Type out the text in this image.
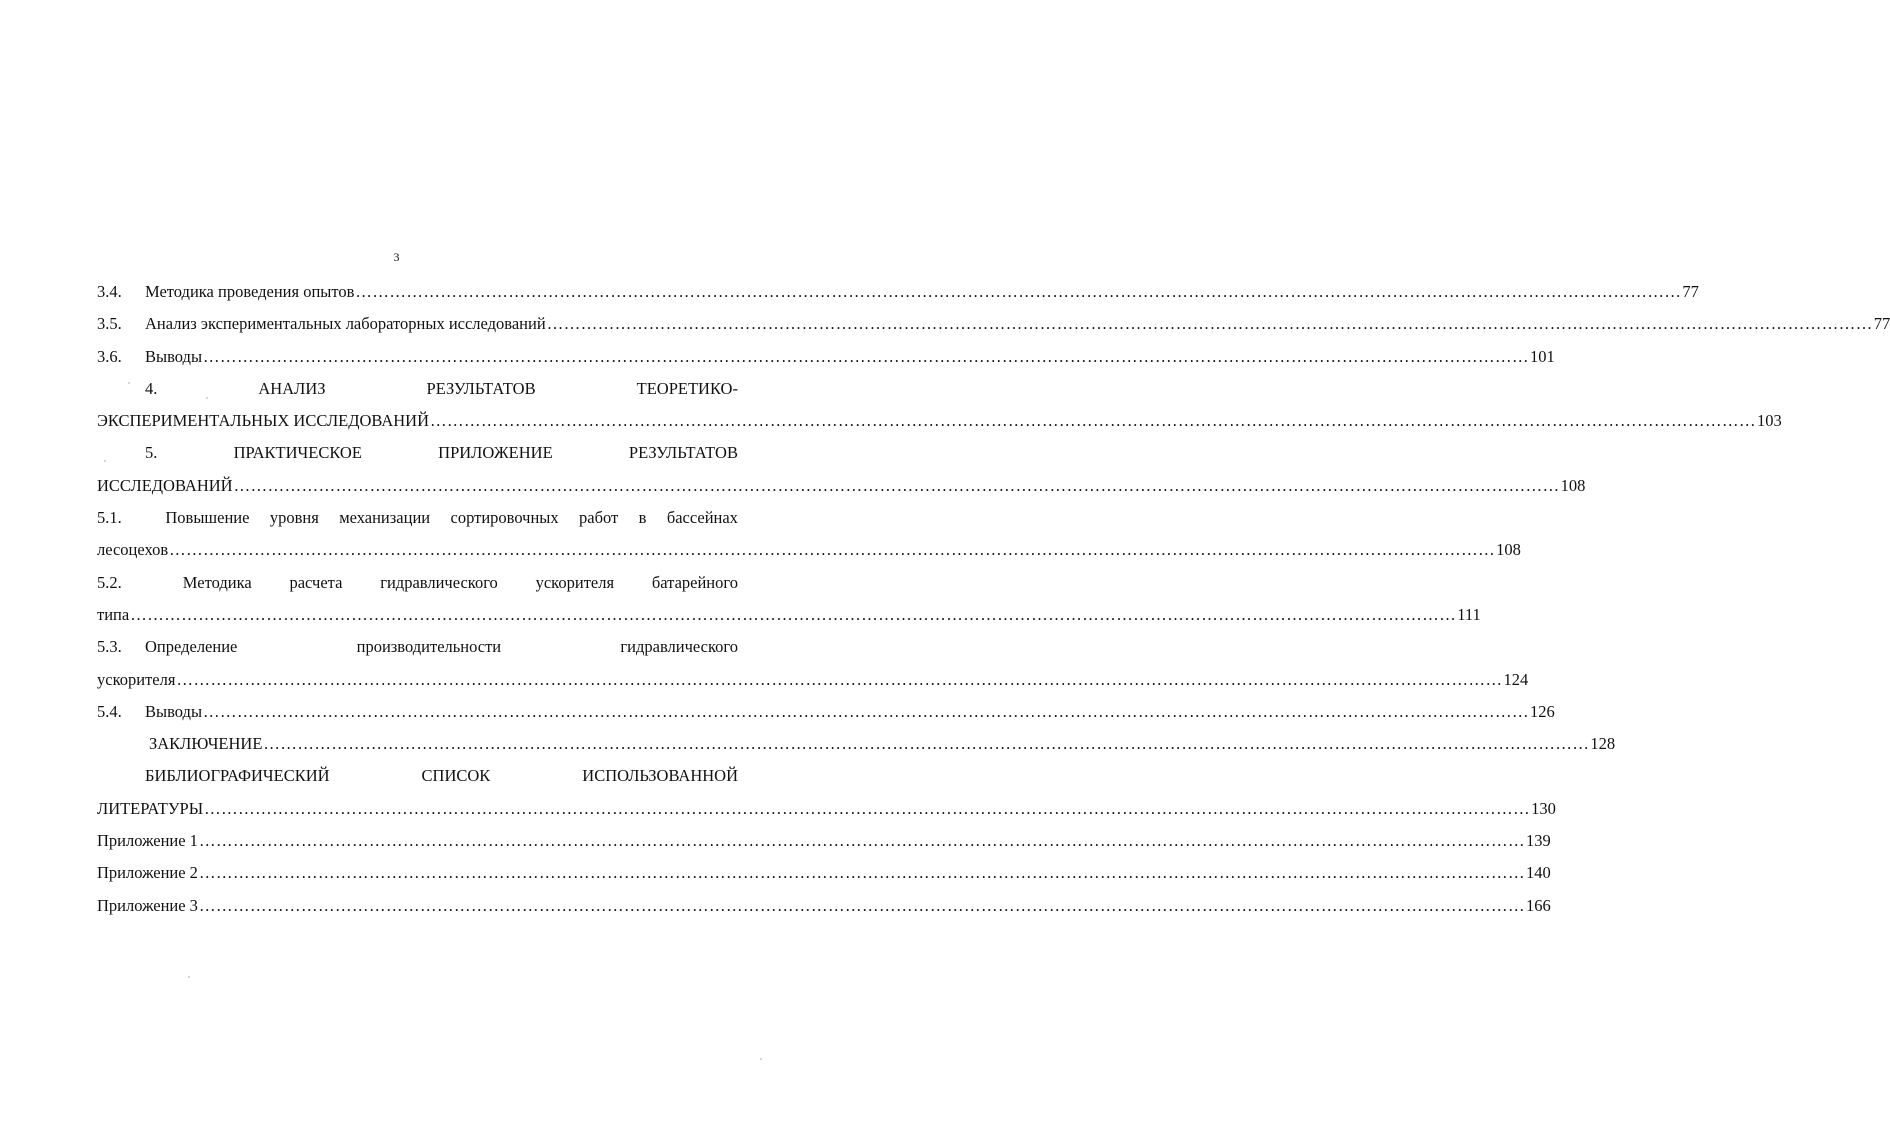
3
3.4.	Методика проведения опытов ……………………………………………………………………………………………………………………………………………………………………………………………………………… 77
3.5.	Анализ экспериментальных лабораторных исследований ……………………………………………………………………………………………………………………………………………………………………………………………………………… 77
3.6.	Выводы ……………………………………………………………………………………………………………………………………………………………………………………………………………… 101
4.	АНАЛИЗ	РЕЗУЛЬТАТОВ	ТЕОРЕТИКО-
ЭКСПЕРИМЕНТАЛЬНЫХ ИССЛЕДОВАНИЙ ……………………………………………………………………………………………………………………………………………………………………………………………………………… 103
5.	ПРАКТИЧЕСКОЕ	ПРИЛОЖЕНИЕ	РЕЗУЛЬТАТОВ
ИССЛЕДОВАНИЙ ……………………………………………………………………………………………………………………………………………………………………………………………………………… 108
5.1.	Повышение уровня механизации сортировочных работ в бассейнах
лесоцехов ……………………………………………………………………………………………………………………………………………………………………………………………………………… 108
5.2.	Методика расчета гидравлического ускорителя батарейного
типа ……………………………………………………………………………………………………………………………………………………………………………………………………………… 111
5.3.	Определение	производительности	гидравлического
ускорителя ……………………………………………………………………………………………………………………………………………………………………………………………………………… 124
5.4.	Выводы ……………………………………………………………………………………………………………………………………………………………………………………………………………… 126
ЗАКЛЮЧЕНИЕ ……………………………………………………………………………………………………………………………………………………………………………………………………………… 128
БИБЛИОГРАФИЧЕСКИЙ	СПИСОК	ИСПОЛЬЗОВАННОЙ
ЛИТЕРАТУРЫ ……………………………………………………………………………………………………………………………………………………………………………………………………………… 130
Приложение 1 ……………………………………………………………………………………………………………………………………………………………………………………………………………… 139
Приложение 2 ……………………………………………………………………………………………………………………………………………………………………………………………………………… 140
Приложение 3 ……………………………………………………………………………………………………………………………………………………………………………………………………………… 166
